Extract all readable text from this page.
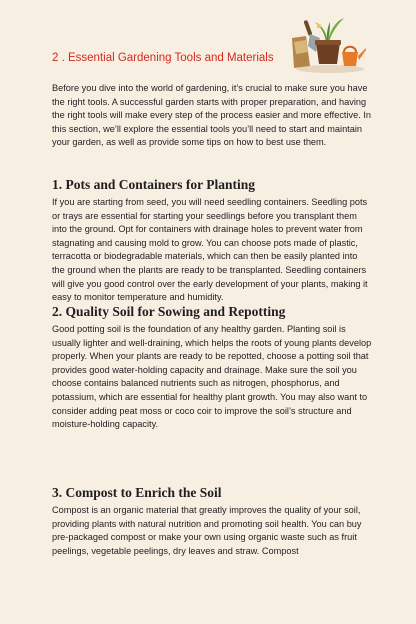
2 . Essential Gardening Tools and Materials

Before you dive into the world of gardening, it’s crucial to make sure you have the right tools. A successful garden starts with proper preparation, and having the right tools will make every step of the process easier and more effective. In this section, we’ll explore the essential tools you’ll need to start and maintain your garden, as well as provide some tips on how to best use them.

1. Pots and Containers for Planting

If you are starting from seed, you will need seedling containers. Seedling pots or trays are essential for starting your seedlings before you transplant them into the ground. Opt for containers with drainage holes to prevent water from stagnating and causing mold to grow. You can choose pots made of plastic, terracotta or biodegradable materials, which can then be easily planted into the ground when the plants are ready to be transplanted. Seedling containers will give you good control over the early development of your plants, making it easy to monitor temperature and humidity.

2. Quality Soil for Sowing and Repotting

Good potting soil is the foundation of any healthy garden. Planting soil is usually lighter and well-draining, which helps the roots of young plants develop properly. When your plants are ready to be repotted, choose a potting soil that provides good water-holding capacity and drainage. Make sure the soil you choose contains balanced nutrients such as nitrogen, phosphorus, and potassium, which are essential for healthy plant growth. You may also want to consider adding peat moss or coco coir to improve the soil’s structure and moisture-holding capacity.

3. Compost to Enrich the Soil

Compost is an organic material that greatly improves the quality of your soil, providing plants with natural nutrition and promoting soil health. You can buy pre-packaged compost or make your own using organic waste such as fruit peelings, vegetable peelings, dry leaves and straw. Compost
